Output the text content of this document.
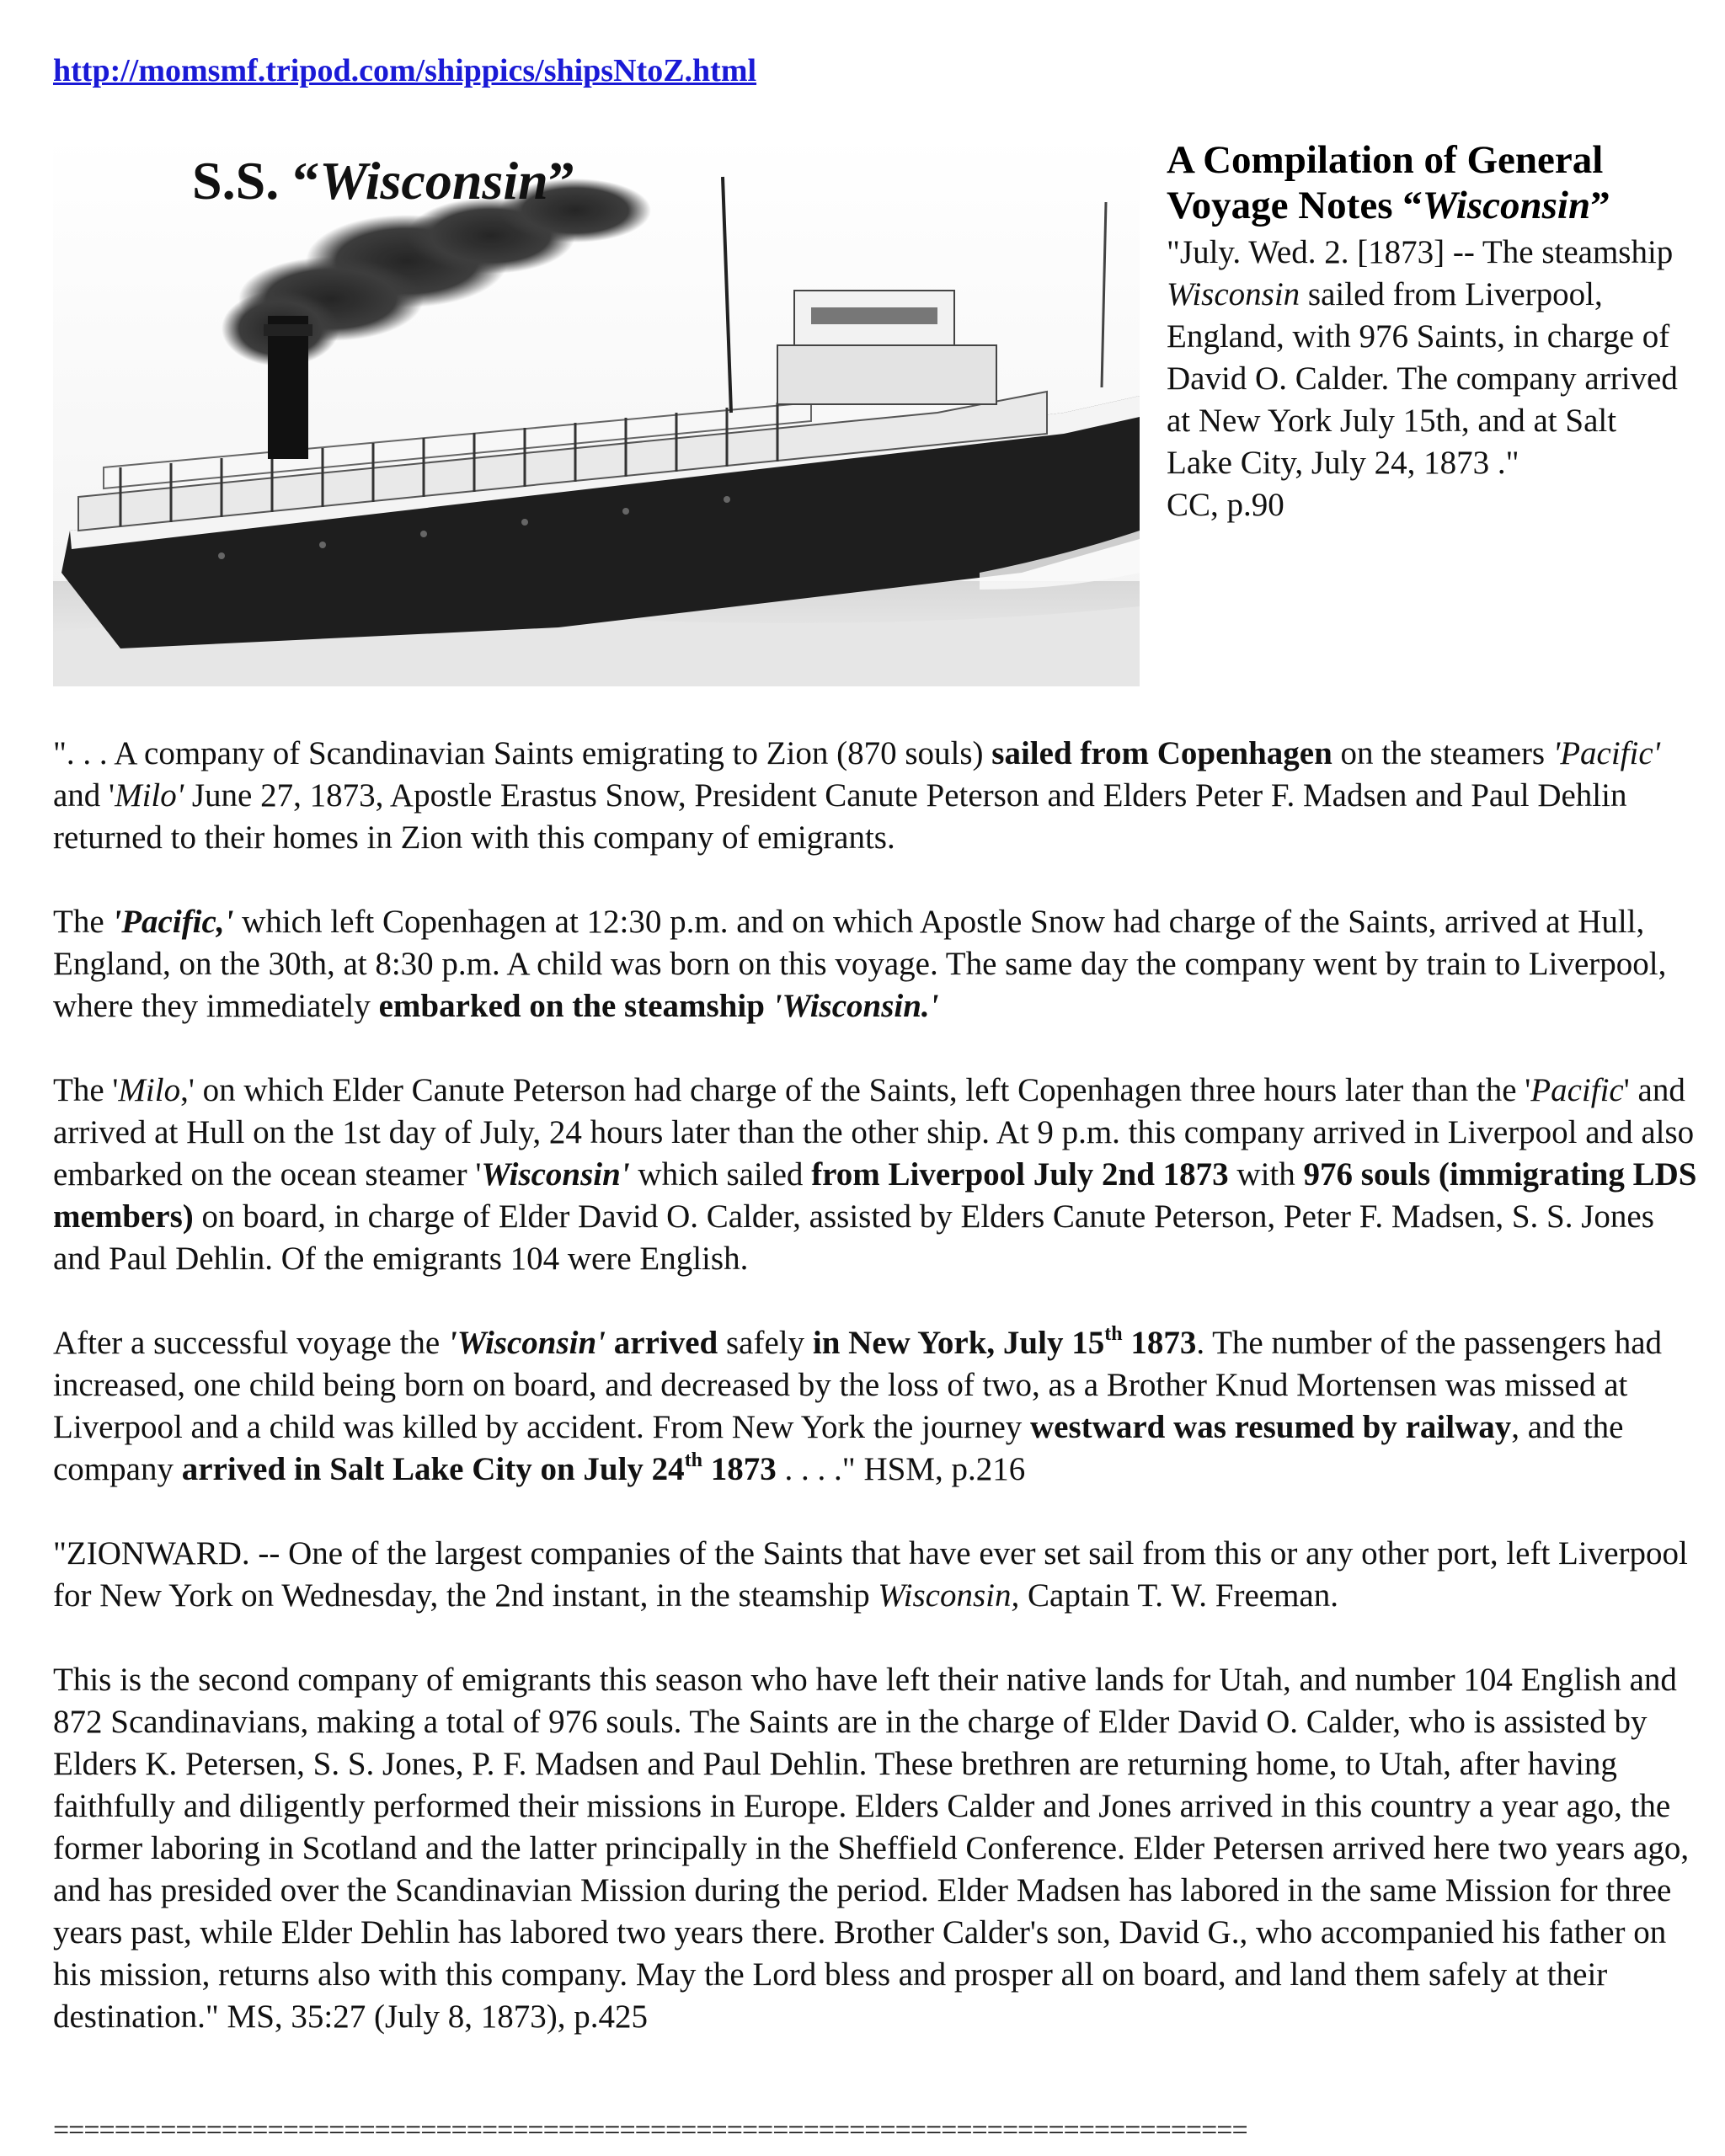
http://momsmf.tripod.com/shippics/shipsNtoZ.html
S.S. “Wisconsin”	A Compilation of General
Voyage Notes “Wisconsin”

"July. Wed. 2. [1873] -- The steamship Wisconsin sailed from Liverpool, England, with 976 Saints, in charge of David O. Calder. The company arrived at New York July 15th, and at Salt Lake City, July 24, 1873 ."
CC, p.90

". . . A company of Scandinavian Saints emigrating to Zion (870 souls) sailed from Copenhagen on the steamers 'Pacific' and 'Milo' June 27, 1873, Apostle Erastus Snow, President Canute Peterson and Elders Peter F. Madsen and Paul Dehlin returned to their homes in Zion with this company of emigrants.

The 'Pacific,' which left Copenhagen at 12:30 p.m. and on which Apostle Snow had charge of the Saints, arrived at Hull, England, on the 30th, at 8:30 p.m. A child was born on this voyage. The same day the company went by train to Liverpool, where they immediately embarked on the steamship 'Wisconsin.'

The 'Milo,' on which Elder Canute Peterson had charge of the Saints, left Copenhagen three hours later than the 'Pacific' and arrived at Hull on the 1st day of July, 24 hours later than the other ship. At 9 p.m. this company arrived in Liverpool and also embarked on the ocean steamer 'Wisconsin' which sailed from Liverpool July 2nd 1873 with 976 souls (immigrating LDS members) on board, in charge of Elder David O. Calder, assisted by Elders Canute Peterson, Peter F. Madsen, S. S. Jones and Paul Dehlin. Of the emigrants 104 were English.

After a successful voyage the 'Wisconsin' arrived safely in New York, July 15th 1873. The number of the passengers had increased, one child being born on board, and decreased by the loss of two, as a Brother Knud Mortensen was missed at Liverpool and a child was killed by accident. From New York the journey westward was resumed by railway, and the company arrived in Salt Lake City on July 24th 1873 . . . ." HSM, p.216

"ZIONWARD. -- One of the largest companies of the Saints that have ever set sail from this or any other port, left Liverpool for New York on Wednesday, the 2nd instant, in the steamship Wisconsin, Captain T. W. Freeman.

This is the second company of emigrants this season who have left their native lands for Utah, and number 104 English and 872 Scandinavians, making a total of 976 souls. The Saints are in the charge of Elder David O. Calder, who is assisted by Elders K. Petersen, S. S. Jones, P. F. Madsen and Paul Dehlin. These brethren are returning home, to Utah, after having faithfully and diligently performed their missions in Europe. Elders Calder and Jones arrived in this country a year ago, the former laboring in Scotland and the latter principally in the Sheffield Conference. Elder Petersen arrived here two years ago, and has presided over the Scandinavian Mission during the period. Elder Madsen has labored in the same Mission for three years past, while Elder Dehlin has labored two years there. Brother Calder's son, David G., who accompanied his father on his mission, returns also with this company. May the Lord bless and prosper all on board, and land them safely at their destination." MS, 35:27 (July 8, 1873), p.425

==============================================================================
